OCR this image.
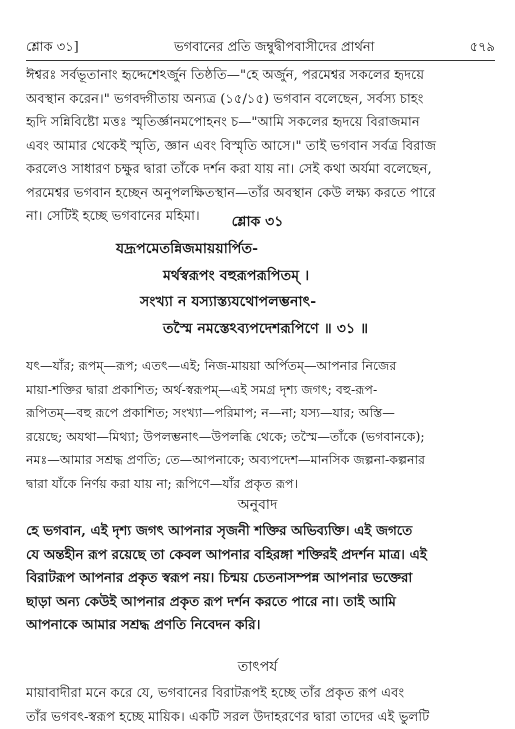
শ্লোক ৩১]	ভগবানের প্রতি জম্বুদ্বীপবাসীদের প্রার্থনা	৫৭৯
ঈশ্বরঃ সর্বভূতানাং হৃদ্দেশেঽর্জুন তিষ্ঠতি—"হে অর্জুন, পরমেশ্বর সকলের হৃদয়ে
অবস্থান করেন।" ভগবদ্গীতায় অন্যত্র (১৫/১৫) ভগবান বলেছেন, সর্বস্য চাহং
হৃদি সন্নিবিষ্টো মত্তঃ স্মৃতির্জ্ঞানমপোহনং চ—"আমি সকলের হৃদয়ে বিরাজমান
এবং আমার থেকেই স্মৃতি, জ্ঞান এবং বিস্মৃতি আসে।" তাই ভগবান সর্বত্র বিরাজ
করলেও সাধারণ চক্ষুর দ্বারা তাঁকে দর্শন করা যায় না। সেই কথা অর্যমা বলেছেন,
পরমেশ্বর ভগবান হচ্ছেন অনুপলক্ষিতস্থান—তাঁর অবস্থান কেউ লক্ষ্য করতে পারে
না। সেটিই হচ্ছে ভগবানের মহিমা।	শ্লোক ৩১
যদ্রূপমেতন্নিজমায়য়ার্পিত-
মর্থস্বরূপং বহুরূপরূপিতম্ ।
সংখ্যা ন যস্যাস্ত্যযথোপলম্ভনাৎ-
তস্মৈ নমস্তেঽব্যপদেশরূপিণে ॥ ৩১ ॥
যৎ—যাঁর; রূপম্—রূপ; এতৎ—এই; নিজ-মায়য়া অর্পিতম্—আপনার নিজের
মায়া-শক্তির দ্বারা প্রকাশিত; অর্থ-স্বরূপম্—এই সমগ্র দৃশ্য জগৎ; বহু-রূপ-
রূপিতম্—বহু রূপে প্রকাশিত; সংখ্যা—পরিমাপ; ন—না; যস্য—যার; অস্তি—
রয়েছে; অযথা—মিথ্যা; উপলম্ভনাৎ—উপলব্ধি থেকে; তস্মৈ—তাঁকে (ভগবানকে);
নমঃ—আমার সশ্রদ্ধ প্রণতি; তে—আপনাকে; অব্যপদেশ—মানসিক জল্পনা-কল্পনার
দ্বারা যাঁকে নির্ণয় করা যায় না; রূপিণে—যাঁর প্রকৃত রূপ।
অনুবাদ
হে ভগবান, এই দৃশ্য জগৎ আপনার সৃজনী শক্তির অভিব্যক্তি। এই জগতে
যে অন্তহীন রূপ রয়েছে তা কেবল আপনার বহিরঙ্গা শক্তিরই প্রদর্শন মাত্র। এই
বিরাটরূপ আপনার প্রকৃত স্বরূপ নয়। চিন্ময় চেতনাসম্পন্ন আপনার ভক্তেরা
ছাড়া অন্য কেউই আপনার প্রকৃত রূপ দর্শন করতে পারে না। তাই আমি
আপনাকে আমার সশ্রদ্ধ প্রণতি নিবেদন করি।
তাৎপর্য
মায়াবাদীরা মনে করে যে, ভগবানের বিরাটরূপই হচ্ছে তাঁর প্রকৃত রূপ এবং
তাঁর ভগবৎ-স্বরূপ হচ্ছে মায়িক। একটি সরল উদাহরণের দ্বারা তাদের এই ভুলটি
